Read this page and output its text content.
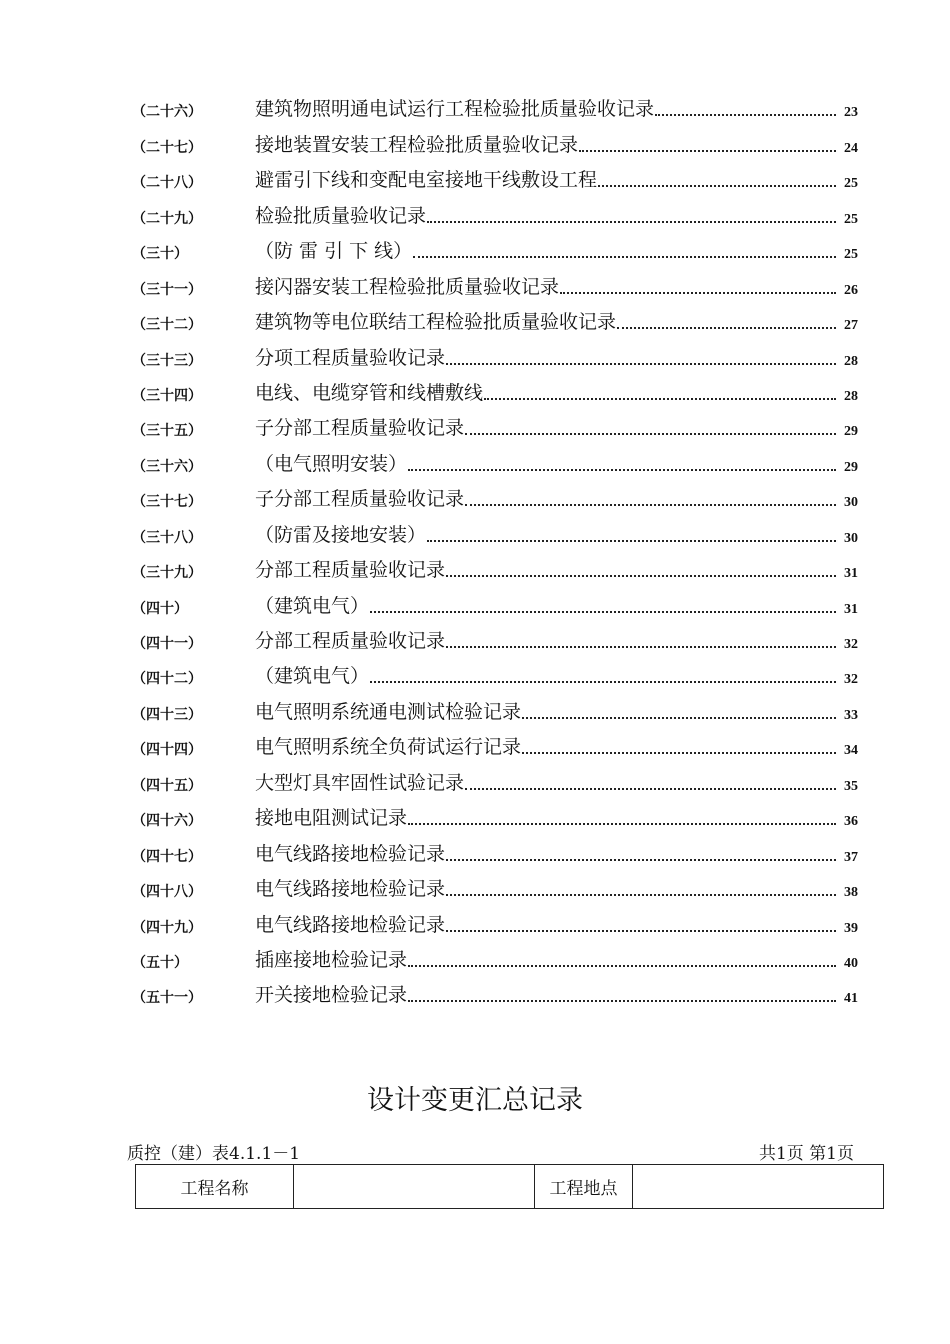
（二十六）	建筑物照明通电试运行工程检验批质量验收记录	23
（二十七）	接地装置安装工程检验批质量验收记录	24
（二十八）	避雷引下线和变配电室接地干线敷设工程	25
（二十九）	检验批质量验收记录	25
（三十）	（防 雷 引 下 线）	25
（三十一）	接闪器安装工程检验批质量验收记录	26
（三十二）	建筑物等电位联结工程检验批质量验收记录	27
（三十三）	分项工程质量验收记录	28
（三十四）	电线、电缆穿管和线槽敷线	28
（三十五）	子分部工程质量验收记录	29
（三十六）	（电气照明安装）	29
（三十七）	子分部工程质量验收记录	30
（三十八）	（防雷及接地安装）	30
（三十九）	分部工程质量验收记录	31
（四十）	（建筑电气）	31
（四十一）	分部工程质量验收记录	32
（四十二）	（建筑电气）	32
（四十三）	电气照明系统通电测试检验记录	33
（四十四）	电气照明系统全负荷试运行记录	34
（四十五）	大型灯具牢固性试验记录	35
（四十六）	接地电阻测试记录	36
（四十七）	电气线路接地检验记录	37
（四十八）	电气线路接地检验记录	38
（四十九）	电气线路接地检验记录	39
（五十）	插座接地检验记录	40
（五十一）	开关接地检验记录	41
设计变更汇总记录
质控（建）表4.1.1－1	共1页 第1页
工程名称		工程地点	
